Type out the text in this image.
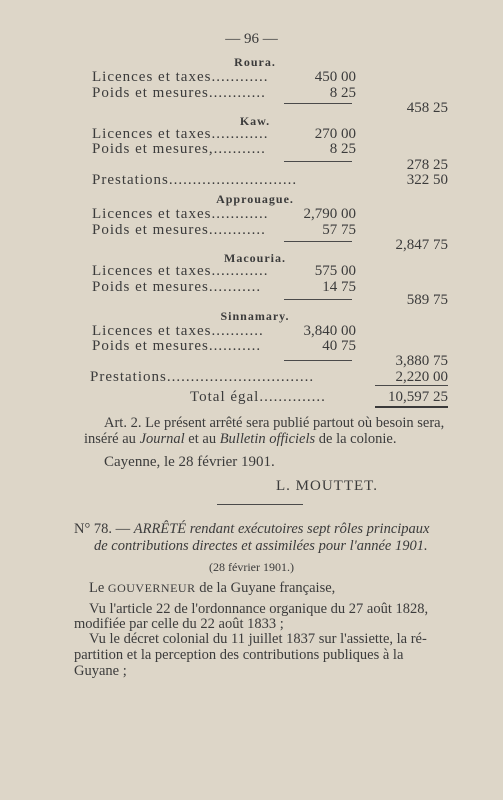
— 96 —
Roura.
Licences et taxes............	450 00
Poids et mesures............	8 25
458 25
Kaw.
Licences et taxes............	270 00
Poids et mesures,...........	8 25
278 25
Prestations...........................	322 50
Approuague.
Licences et taxes............	2,790 00
Poids et mesures............	57 75
2,847 75
Macouria.
Licences et taxes............	575 00
Poids et mesures...........	14 75
589 75
Sinnamary.
Licences et taxes...........	3,840 00
Poids et mesures...........	40 75
3,880 75
Prestations...............................	2,220 00
Total égal..............	10,597 25
Art. 2. Le présent arrêté sera publié partout où besoin sera,
inséré au Journal et au Bulletin officiels de la colonie.
Cayenne, le 28 février 1901.
L. MOUTTET.
N° 78. — ARRÊTÉ rendant exécutoires sept rôles principaux
de contributions directes et assimilées pour l'année 1901.
(28 février 1901.)
Le GOUVERNEUR de la Guyane française,
Vu l'article 22 de l'ordonnance organique du 27 août 1828,
modifiée par celle du 22 août 1833 ;
Vu le décret colonial du 11 juillet 1837 sur l'assiette, la ré-
partition et la perception des contributions publiques à la
Guyane ;
